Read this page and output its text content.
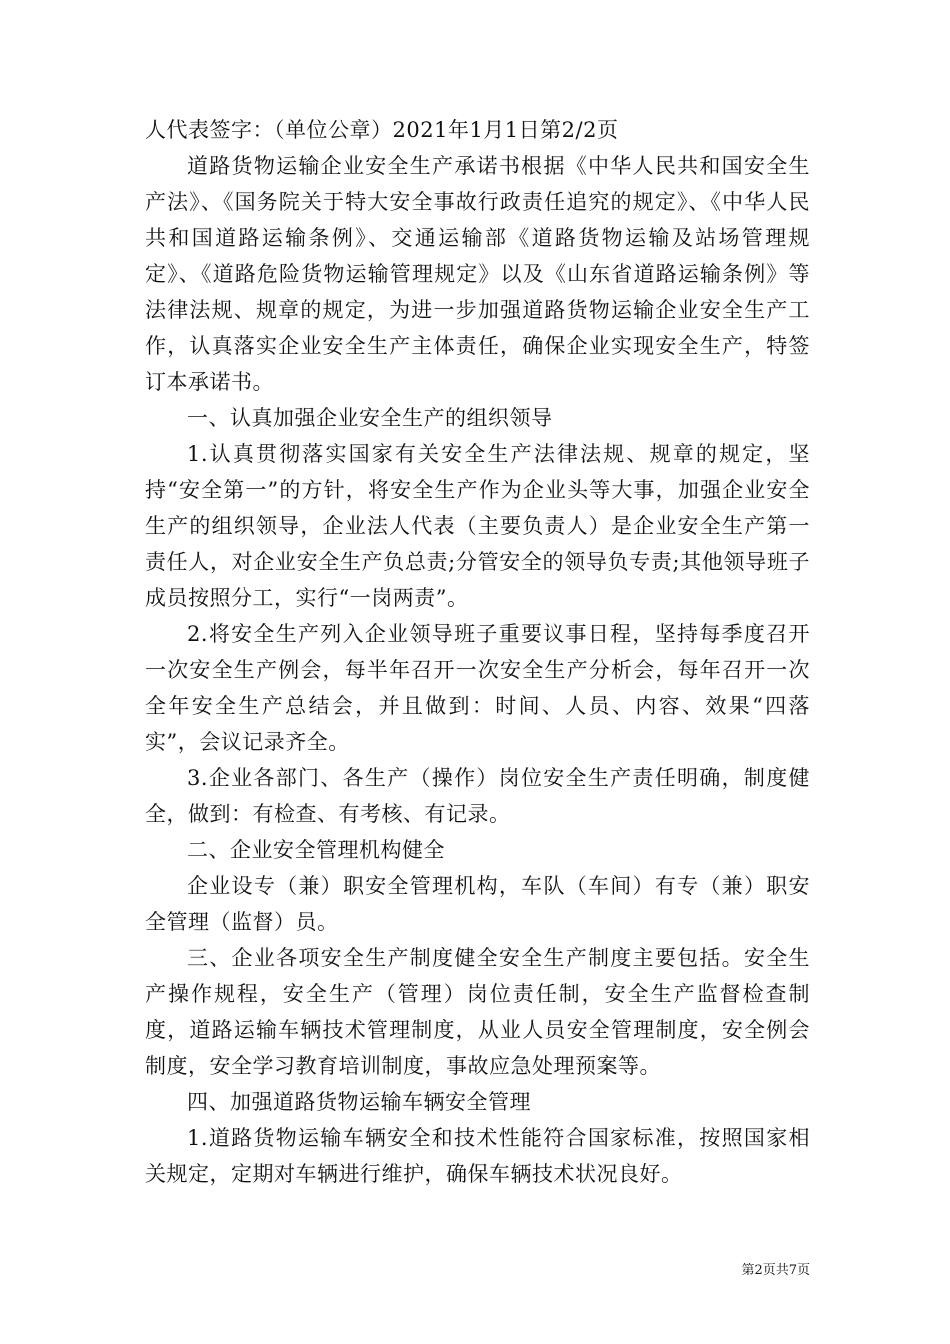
人代表签字：（单位公章）2021年1月1日第2/2页

道路货物运输企业安全生产承诺书根据《中华人民共和国安全生产法》、《国务院关于特大安全事故行政责任追究的规定》、《中华人民共和国道路运输条例》、交通运输部《道路货物运输及站场管理规定》、《道路危险货物运输管理规定》以及《山东省道路运输条例》等法律法规、规章的规定，为进一步加强道路货物运输企业安全生产工作，认真落实企业安全生产主体责任，确保企业实现安全生产，特签订本承诺书。

一、认真加强企业安全生产的组织领导

1.认真贯彻落实国家有关安全生产法律法规、规章的规定，坚持“安全第一”的方针，将安全生产作为企业头等大事，加强企业安全生产的组织领导，企业法人代表（主要负责人）是企业安全生产第一责任人，对企业安全生产负总责;分管安全的领导负专责;其他领导班子成员按照分工，实行“一岗两责”。

2.将安全生产列入企业领导班子重要议事日程，坚持每季度召开一次安全生产例会，每半年召开一次安全生产分析会，每年召开一次全年安全生产总结会，并且做到：时间、人员、内容、效果“四落实”，会议记录齐全。

3.企业各部门、各生产（操作）岗位安全生产责任明确，制度健全，做到：有检查、有考核、有记录。

二、企业安全管理机构健全

企业设专（兼）职安全管理机构，车队（车间）有专（兼）职安全管理（监督）员。

三、企业各项安全生产制度健全安全生产制度主要包括。安全生产操作规程，安全生产（管理）岗位责任制，安全生产监督检查制度，道路运输车辆技术管理制度，从业人员安全管理制度，安全例会制度，安全学习教育培训制度，事故应急处理预案等。

四、加强道路货物运输车辆安全管理

1.道路货物运输车辆安全和技术性能符合国家标准，按照国家相关规定，定期对车辆进行维护，确保车辆技术状况良好。

第2页共7页
